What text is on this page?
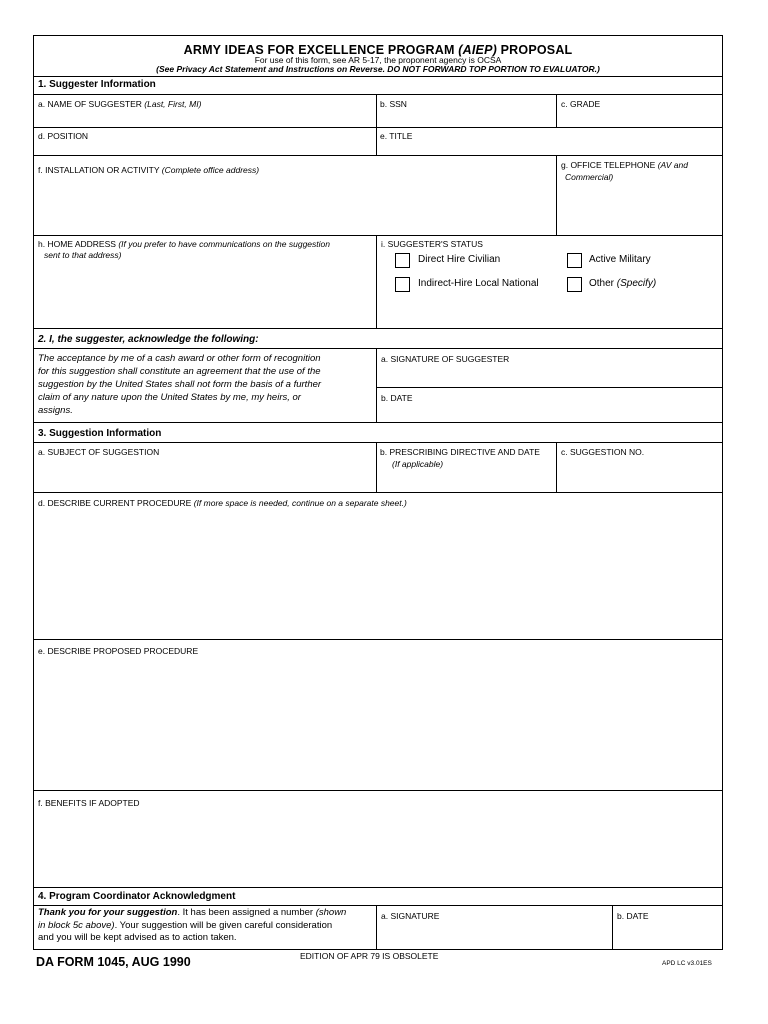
ARMY IDEAS FOR EXCELLENCE PROGRAM (AIEP) PROPOSAL
For use of this form, see AR 5-17, the proponent agency is OCSA
(See Privacy Act Statement and Instructions on Reverse. DO NOT FORWARD TOP PORTION TO EVALUATOR.)
1. Suggester Information
a. NAME OF SUGGESTER (Last, First, MI)	b. SSN	c. GRADE
d. POSITION	e. TITLE
f. INSTALLATION OR ACTIVITY (Complete office address)	g. OFFICE TELEPHONE (AV and
Commercial)
h. HOME ADDRESS (If you prefer to have communications on the suggestion
sent to that address)
i. SUGGESTER'S STATUS
Direct Hire Civilian	Active Military
Indirect-Hire Local National	Other (Specify)
2. I, the suggester, acknowledge the following:
The acceptance by me of a cash award or other form of recognition
for this suggestion shall constitute an agreement that the use of the
suggestion by the United States shall not form the basis of a further
claim of any nature upon the United States by me, my heirs, or
assigns.
a. SIGNATURE OF SUGGESTER
b. DATE
3. Suggestion Information
a. SUBJECT OF SUGGESTION	b. PRESCRIBING DIRECTIVE AND DATE
(If applicable)
c. SUGGESTION NO.
d. DESCRIBE CURRENT PROCEDURE (If more space is needed, continue on a separate sheet.)
e. DESCRIBE PROPOSED PROCEDURE
f. BENEFITS IF ADOPTED
4. Program Coordinator Acknowledgment
Thank you for your suggestion. It has been assigned a number (shown
in block 5c above). Your suggestion will be given careful consideration
and you will be kept advised as to action taken.
a. SIGNATURE	b. DATE
DA FORM 1045, AUG 1990	EDITION OF APR 79 IS OBSOLETE
APD LC v3.01ES
